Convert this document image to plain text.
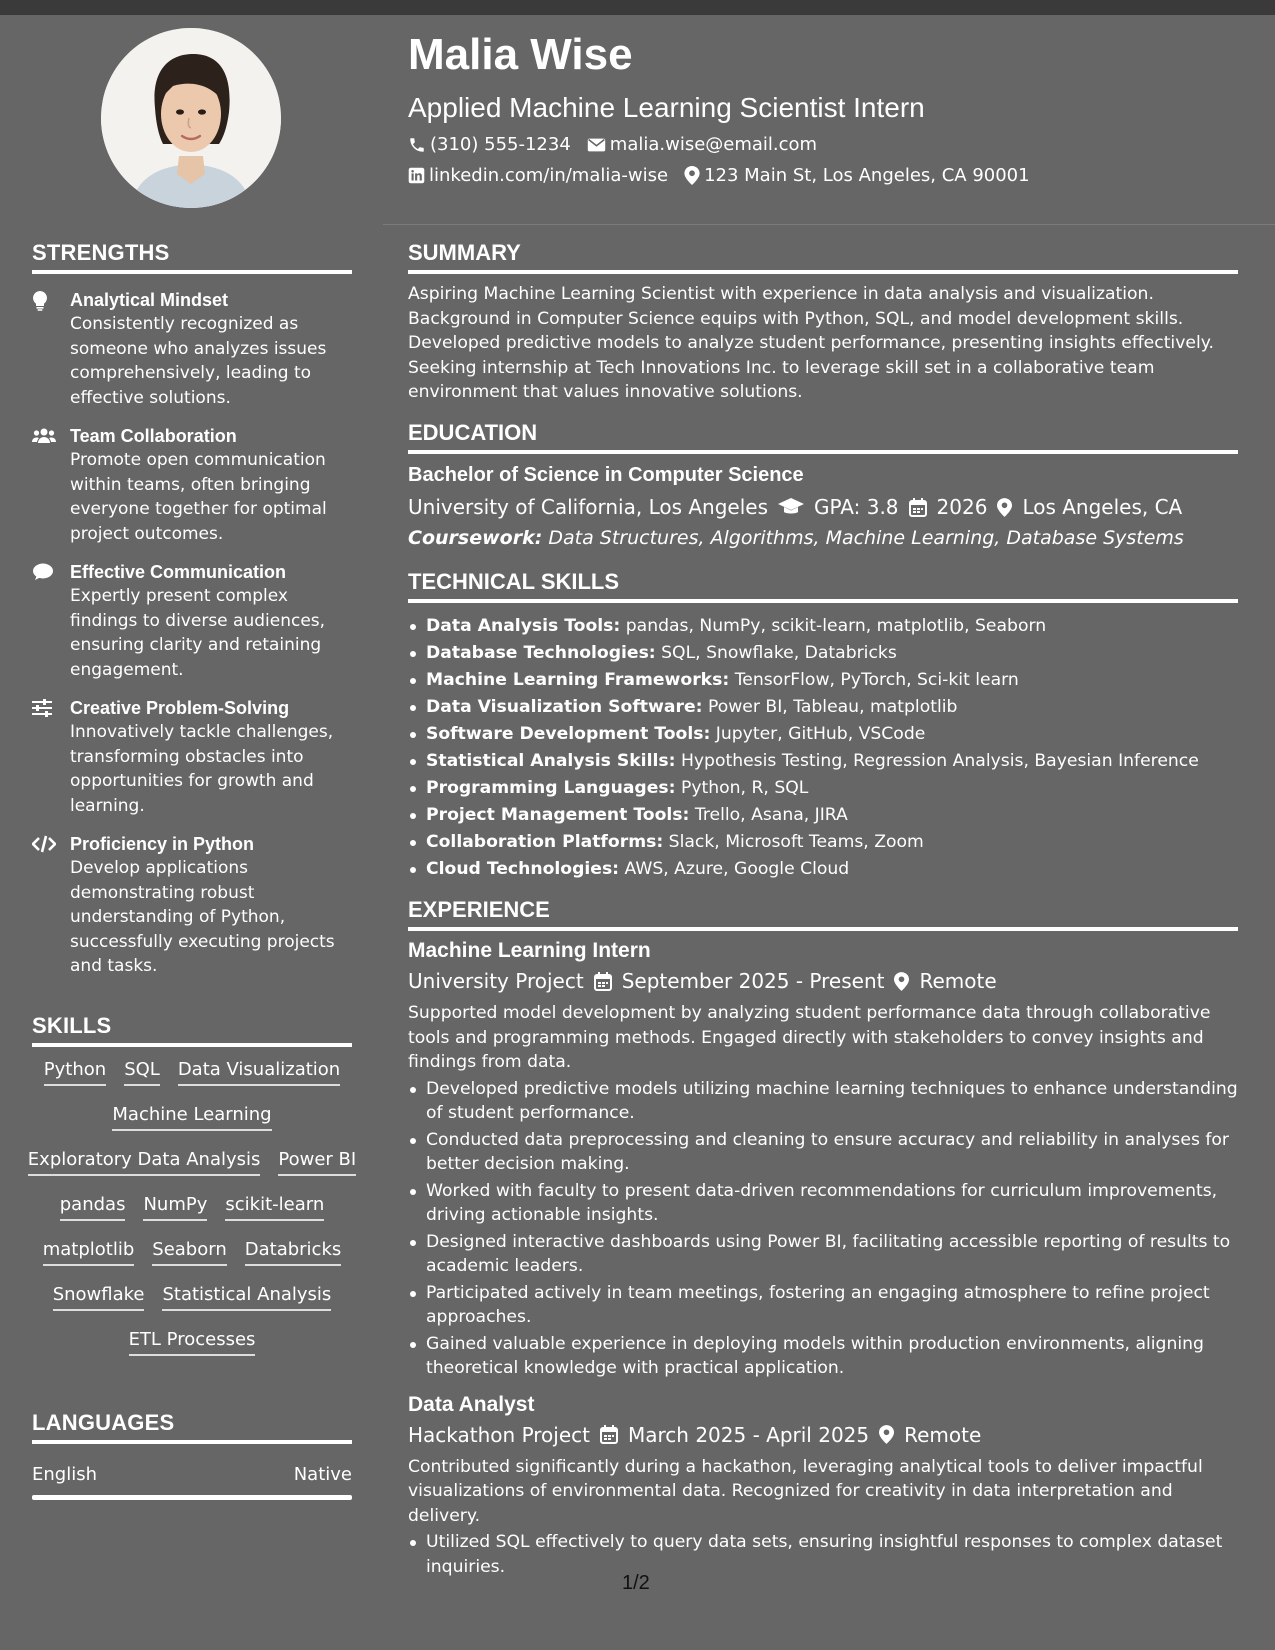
Malia Wise
Applied Machine Learning Scientist Intern
(310) 555-1234 malia.wise@email.com
linkedin.com/in/malia-wise 123 Main St, Los Angeles, CA 90001
STRENGTHS
Analytical Mindset
Consistently recognized as someone who analyzes issues comprehensively, leading to effective solutions.
Team Collaboration
Promote open communication within teams, often bringing everyone together for optimal project outcomes.
Effective Communication
Expertly present complex findings to diverse audiences, ensuring clarity and retaining engagement.
Creative Problem-Solving
Innovatively tackle challenges, transforming obstacles into opportunities for growth and learning.
Proficiency in Python
Develop applications demonstrating robust understanding of Python, successfully executing projects and tasks.
SKILLS
Python SQL Data Visualization
Machine Learning
Exploratory Data Analysis Power BI
pandas NumPy scikit-learn
matplotlib Seaborn Databricks
Snowflake Statistical Analysis
ETL Processes
LANGUAGES
English	Native
SUMMARY
Aspiring Machine Learning Scientist with experience in data analysis and visualization. Background in Computer Science equips with Python, SQL, and model development skills. Developed predictive models to analyze student performance, presenting insights effectively. Seeking internship at Tech Innovations Inc. to leverage skill set in a collaborative team environment that values innovative solutions.
EDUCATION
Bachelor of Science in Computer Science
University of California, Los Angeles GPA: 3.8 2026 Los Angeles, CA
Coursework: Data Structures, Algorithms, Machine Learning, Database Systems
TECHNICAL SKILLS
Data Analysis Tools: pandas, NumPy, scikit-learn, matplotlib, Seaborn
Database Technologies: SQL, Snowflake, Databricks
Machine Learning Frameworks: TensorFlow, PyTorch, Sci-kit learn
Data Visualization Software: Power BI, Tableau, matplotlib
Software Development Tools: Jupyter, GitHub, VSCode
Statistical Analysis Skills: Hypothesis Testing, Regression Analysis, Bayesian Inference
Programming Languages: Python, R, SQL
Project Management Tools: Trello, Asana, JIRA
Collaboration Platforms: Slack, Microsoft Teams, Zoom
Cloud Technologies: AWS, Azure, Google Cloud
EXPERIENCE
Machine Learning Intern
University Project September 2025 - Present Remote
Supported model development by analyzing student performance data through collaborative tools and programming methods. Engaged directly with stakeholders to convey insights and findings from data.
Developed predictive models utilizing machine learning techniques to enhance understanding of student performance.
Conducted data preprocessing and cleaning to ensure accuracy and reliability in analyses for better decision making.
Worked with faculty to present data-driven recommendations for curriculum improvements, driving actionable insights.
Designed interactive dashboards using Power BI, facilitating accessible reporting of results to academic leaders.
Participated actively in team meetings, fostering an engaging atmosphere to refine project approaches.
Gained valuable experience in deploying models within production environments, aligning theoretical knowledge with practical application.
Data Analyst
Hackathon Project March 2025 - April 2025 Remote
Contributed significantly during a hackathon, leveraging analytical tools to deliver impactful visualizations of environmental data. Recognized for creativity in data interpretation and delivery.
Utilized SQL effectively to query data sets, ensuring insightful responses to complex dataset inquiries.
1/2
